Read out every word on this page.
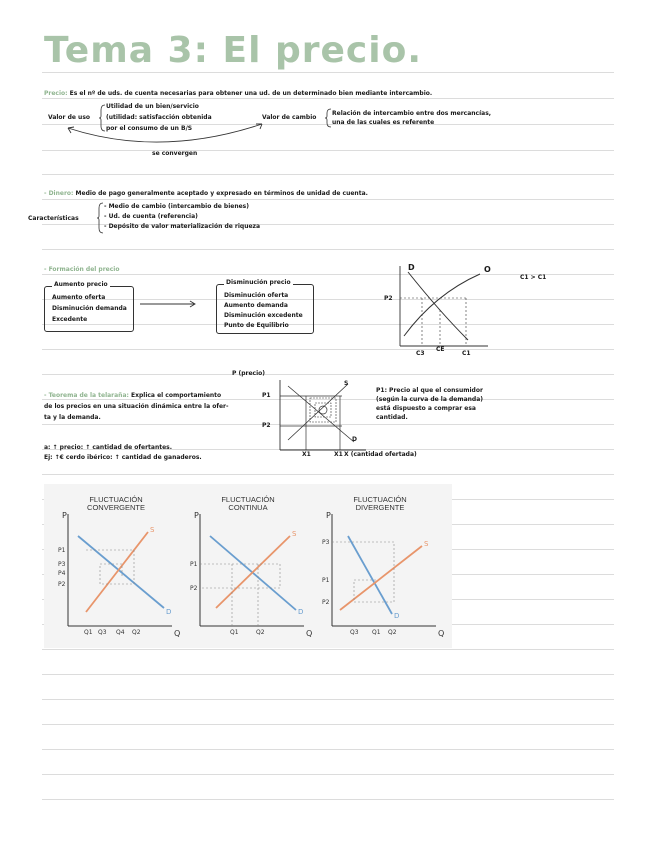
Tema 3: El precio.
Precio: Es el nº de uds. de cuenta necesarias para obtener una ud. de un determinado bien mediante intercambio.
Valor de uso
Utilidad de un bien/servicio
(utilidad: satisfacción obtenida
por el consumo de un B/S
Valor de cambio
Relación de intercambio entre dos mercancías,
una de las cuales es referente
se convergen
- Dinero: Medio de pago generalmente aceptado y expresado en términos de unidad de cuenta.
Características
- Medio de cambio (intercambio de bienes)
- Ud. de cuenta (referencia)
- Depósito de valor materialización de riqueza
- Formación del precio
Aumento precio
Aumento oferta
Disminución demanda
Excedente
Disminución precio
Disminución oferta
Aumento demanda
Disminución excedente
Punto de Equilibrio
D	O
P2
C3
CE
C1
C1 > C1
- Teorema de la telaraña: Explica el comportamiento
de los precios en una situación dinámica entre la ofer-
ta y la demanda.
a: ↑ precio: ↑ cantidad de ofertantes.
Ej: ↑€ cerdo ibérico: ↑ cantidad de ganaderos.
P (precio)
P1
P2
X1	X1 X (cantidad ofertada)
S
D
P1: Precio al que el consumidor
(según la curva de la demanda)
está dispuesto a comprar esa
cantidad.
FLUCTUACIÓN
CONVERGENTE
P
Q
S
D
P1
P3
P4
P2
Q1 Q3 Q4 Q2
FLUCTUACIÓN
CONTINUA
P
Q
S
D
P1
P2
Q1	Q2
FLUCTUACIÓN
DIVERGENTE
P
Q
S
D
P3
P1
P2
Q3 Q1 Q2
